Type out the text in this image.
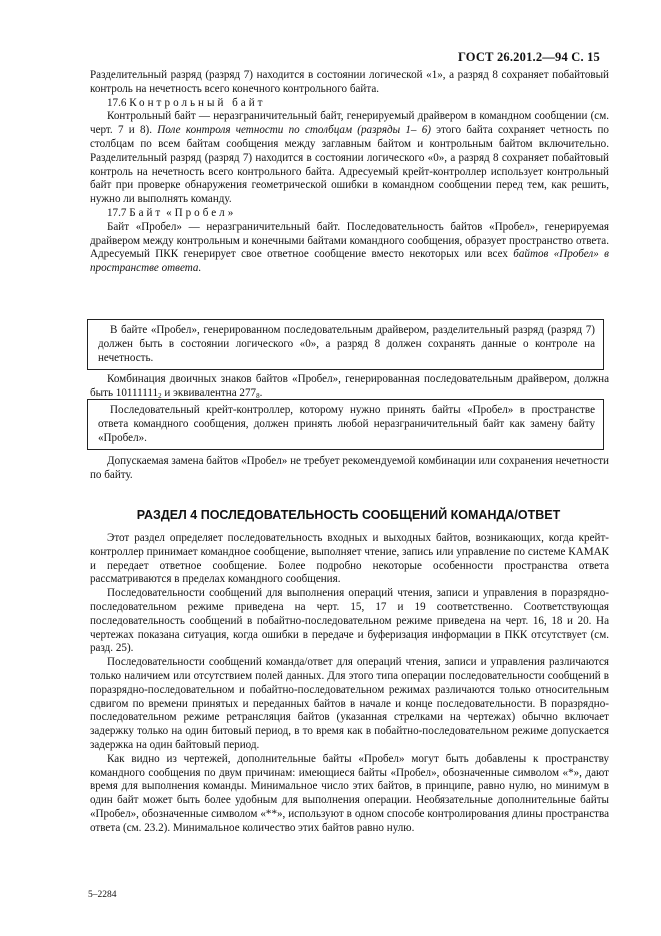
ГОСТ 26.201.2—94 С. 15

Разделительный разряд (разряд 7) находится в состоянии логической «1», а разряд 8 сохраняет побайтовый контроль на нечетность всего конечного контрольного байта.

17.6 Контрольный байт

Контрольный байт — неразграничительный байт, генерируемый драйвером в командном сообщении (см. черт. 7 и 8). Поле контроля четности по столбцам (разряды 1– 6) этого байта сохраняет четность по столбцам по всем байтам сообщения между заглавным байтом и контрольным байтом включительно. Разделительный разряд (разряд 7) находится в состоянии логического «0», а разряд 8 сохраняет побайтовый контроль на нечетность всего контрольного байта. Адресуемый крейт-контроллер использует контрольный байт при проверке обнаружения геометрической ошибки в командном сообщении перед тем, как решить, нужно ли выполнять команду.

17.7 Байт «Пробел»

Байт «Пробел» — неразграничительный байт. Последовательность байтов «Пробел», генерируемая драйвером между контрольным и конечными байтами командного сообщения, образует пространство ответа. Адресуемый ПКК генерирует свое ответное сообщение вместо некоторых или всех байтов «Пробел» в пространстве ответа.

В байте «Пробел», генерированном последовательным драйвером, разделительный разряд (разряд 7) должен быть в состоянии логического «0», а разряд 8 должен сохранять данные о контроле на нечетность.

Комбинация двоичных знаков байтов «Пробел», генерированная последовательным драйвером, должна быть $10111111_2$ и эквивалентна $277_8$.

Последовательный крейт-контроллер, которому нужно принять байты «Пробел» в пространстве ответа командного сообщения, должен принять любой неразграничительный байт как замену байту «Пробел».

Допускаемая замена байтов «Пробел» не требует рекомендуемой комбинации или сохранения нечетности по байту.

РАЗДЕЛ 4 ПОСЛЕДОВАТЕЛЬНОСТЬ СООБЩЕНИЙ КОМАНДА/ОТВЕТ

Этот раздел определяет последовательность входных и выходных байтов, возникающих, когда крейт-контроллер принимает командное сообщение, выполняет чтение, запись или управление по системе КАМАК и передает ответное сообщение. Более подробно некоторые особенности пространства ответа рассматриваются в пределах командного сообщения.

Последовательности сообщений для выполнения операций чтения, записи и управления в поразрядно-последовательном режиме приведена на черт. 15, 17 и 19 соответственно. Соответствующая последовательность сообщений в побайтно-последовательном режиме приведена на черт. 16, 18 и 20. На чертежах показана ситуация, когда ошибки в передаче и буферизация информации в ПКК отсутствует (см. разд. 25).

Последовательности сообщений команда/ответ для операций чтения, записи и управления различаются только наличием или отсутствием полей данных. Для этого типа операции последовательности сообщений в поразрядно-последовательном и побайтно-последовательном режимах различаются только относительным сдвигом по времени принятых и переданных байтов в начале и конце последовательности. В поразрядно-последовательном режиме ретрансляция байтов (указанная стрелками на чертежах) обычно включает задержку только на один битовый период, в то время как в побайтно-последовательном режиме допускается задержка на один байтовый период.

Как видно из чертежей, дополнительные байты «Пробел» могут быть добавлены к пространству командного сообщения по двум причинам: имеющиеся байты «Пробел», обозначенные символом «*», дают время для выполнения команды. Минимальное число этих байтов, в принципе, равно нулю, но минимум в один байт может быть более удобным для выполнения операции. Необязательные дополнительные байты «Пробел», обозначенные символом «**», используют в одном способе контролирования длины пространства ответа (см. 23.2). Минимальное количество этих байтов равно нулю.

5–2284
